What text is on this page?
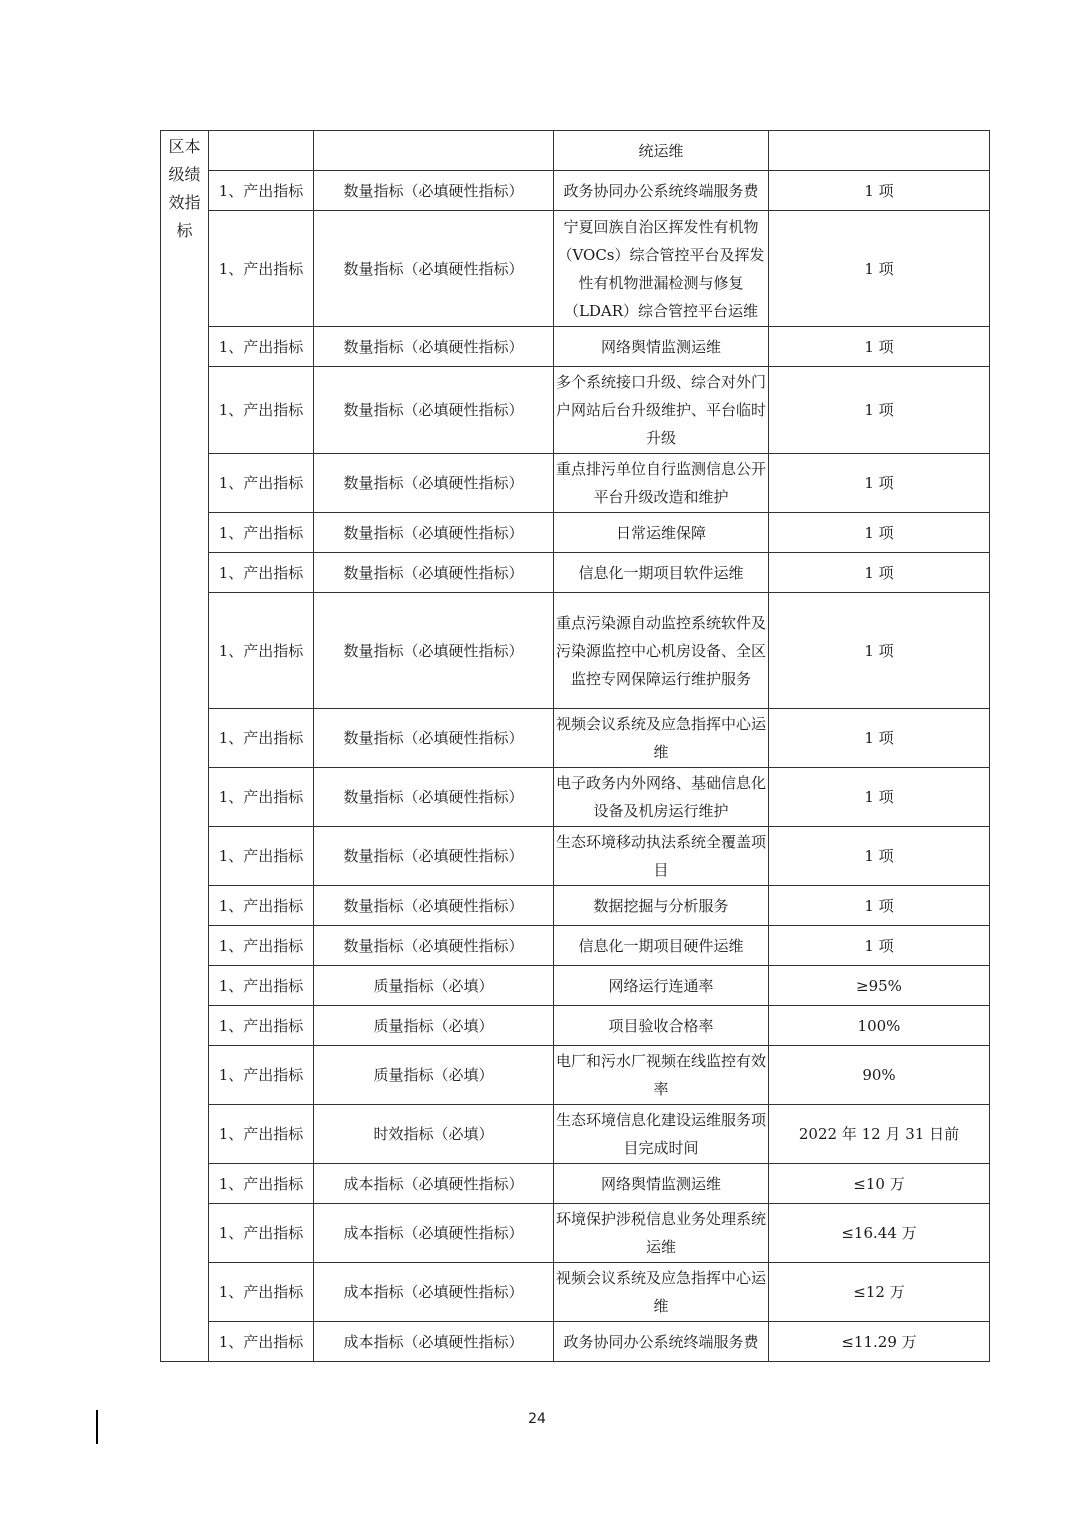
区本级绩效指标			统运维	
	1、产出指标	数量指标（必填硬性指标）	政务协同办公系统终端服务费	1 项
	1、产出指标	数量指标（必填硬性指标）	宁夏回族自治区挥发性有机物（VOCs）综合管控平台及挥发性有机物泄漏检测与修复（LDAR）综合管控平台运维	1 项
	1、产出指标	数量指标（必填硬性指标）	网络舆情监测运维	1 项
	1、产出指标	数量指标（必填硬性指标）	多个系统接口升级、综合对外门户网站后台升级维护、平台临时升级	1 项
	1、产出指标	数量指标（必填硬性指标）	重点排污单位自行监测信息公开平台升级改造和维护	1 项
	1、产出指标	数量指标（必填硬性指标）	日常运维保障	1 项
	1、产出指标	数量指标（必填硬性指标）	信息化一期项目软件运维	1 项
	1、产出指标	数量指标（必填硬性指标）	重点污染源自动监控系统软件及污染源监控中心机房设备、全区监控专网保障运行维护服务	1 项
	1、产出指标	数量指标（必填硬性指标）	视频会议系统及应急指挥中心运维	1 项
	1、产出指标	数量指标（必填硬性指标）	电子政务内外网络、基础信息化设备及机房运行维护	1 项
	1、产出指标	数量指标（必填硬性指标）	生态环境移动执法系统全覆盖项目	1 项
	1、产出指标	数量指标（必填硬性指标）	数据挖掘与分析服务	1 项
	1、产出指标	数量指标（必填硬性指标）	信息化一期项目硬件运维	1 项
	1、产出指标	质量指标（必填）	网络运行连通率	≥95%
	1、产出指标	质量指标（必填）	项目验收合格率	100%
	1、产出指标	质量指标（必填）	电厂和污水厂视频在线监控有效率	90%
	1、产出指标	时效指标（必填）	生态环境信息化建设运维服务项目完成时间	2022 年 12 月 31 日前
	1、产出指标	成本指标（必填硬性指标）	网络舆情监测运维	≤10 万
	1、产出指标	成本指标（必填硬性指标）	环境保护涉税信息业务处理系统运维	≤16.44 万
	1、产出指标	成本指标（必填硬性指标）	视频会议系统及应急指挥中心运维	≤12 万
	1、产出指标	成本指标（必填硬性指标）	政务协同办公系统终端服务费	≤11.29 万
24
